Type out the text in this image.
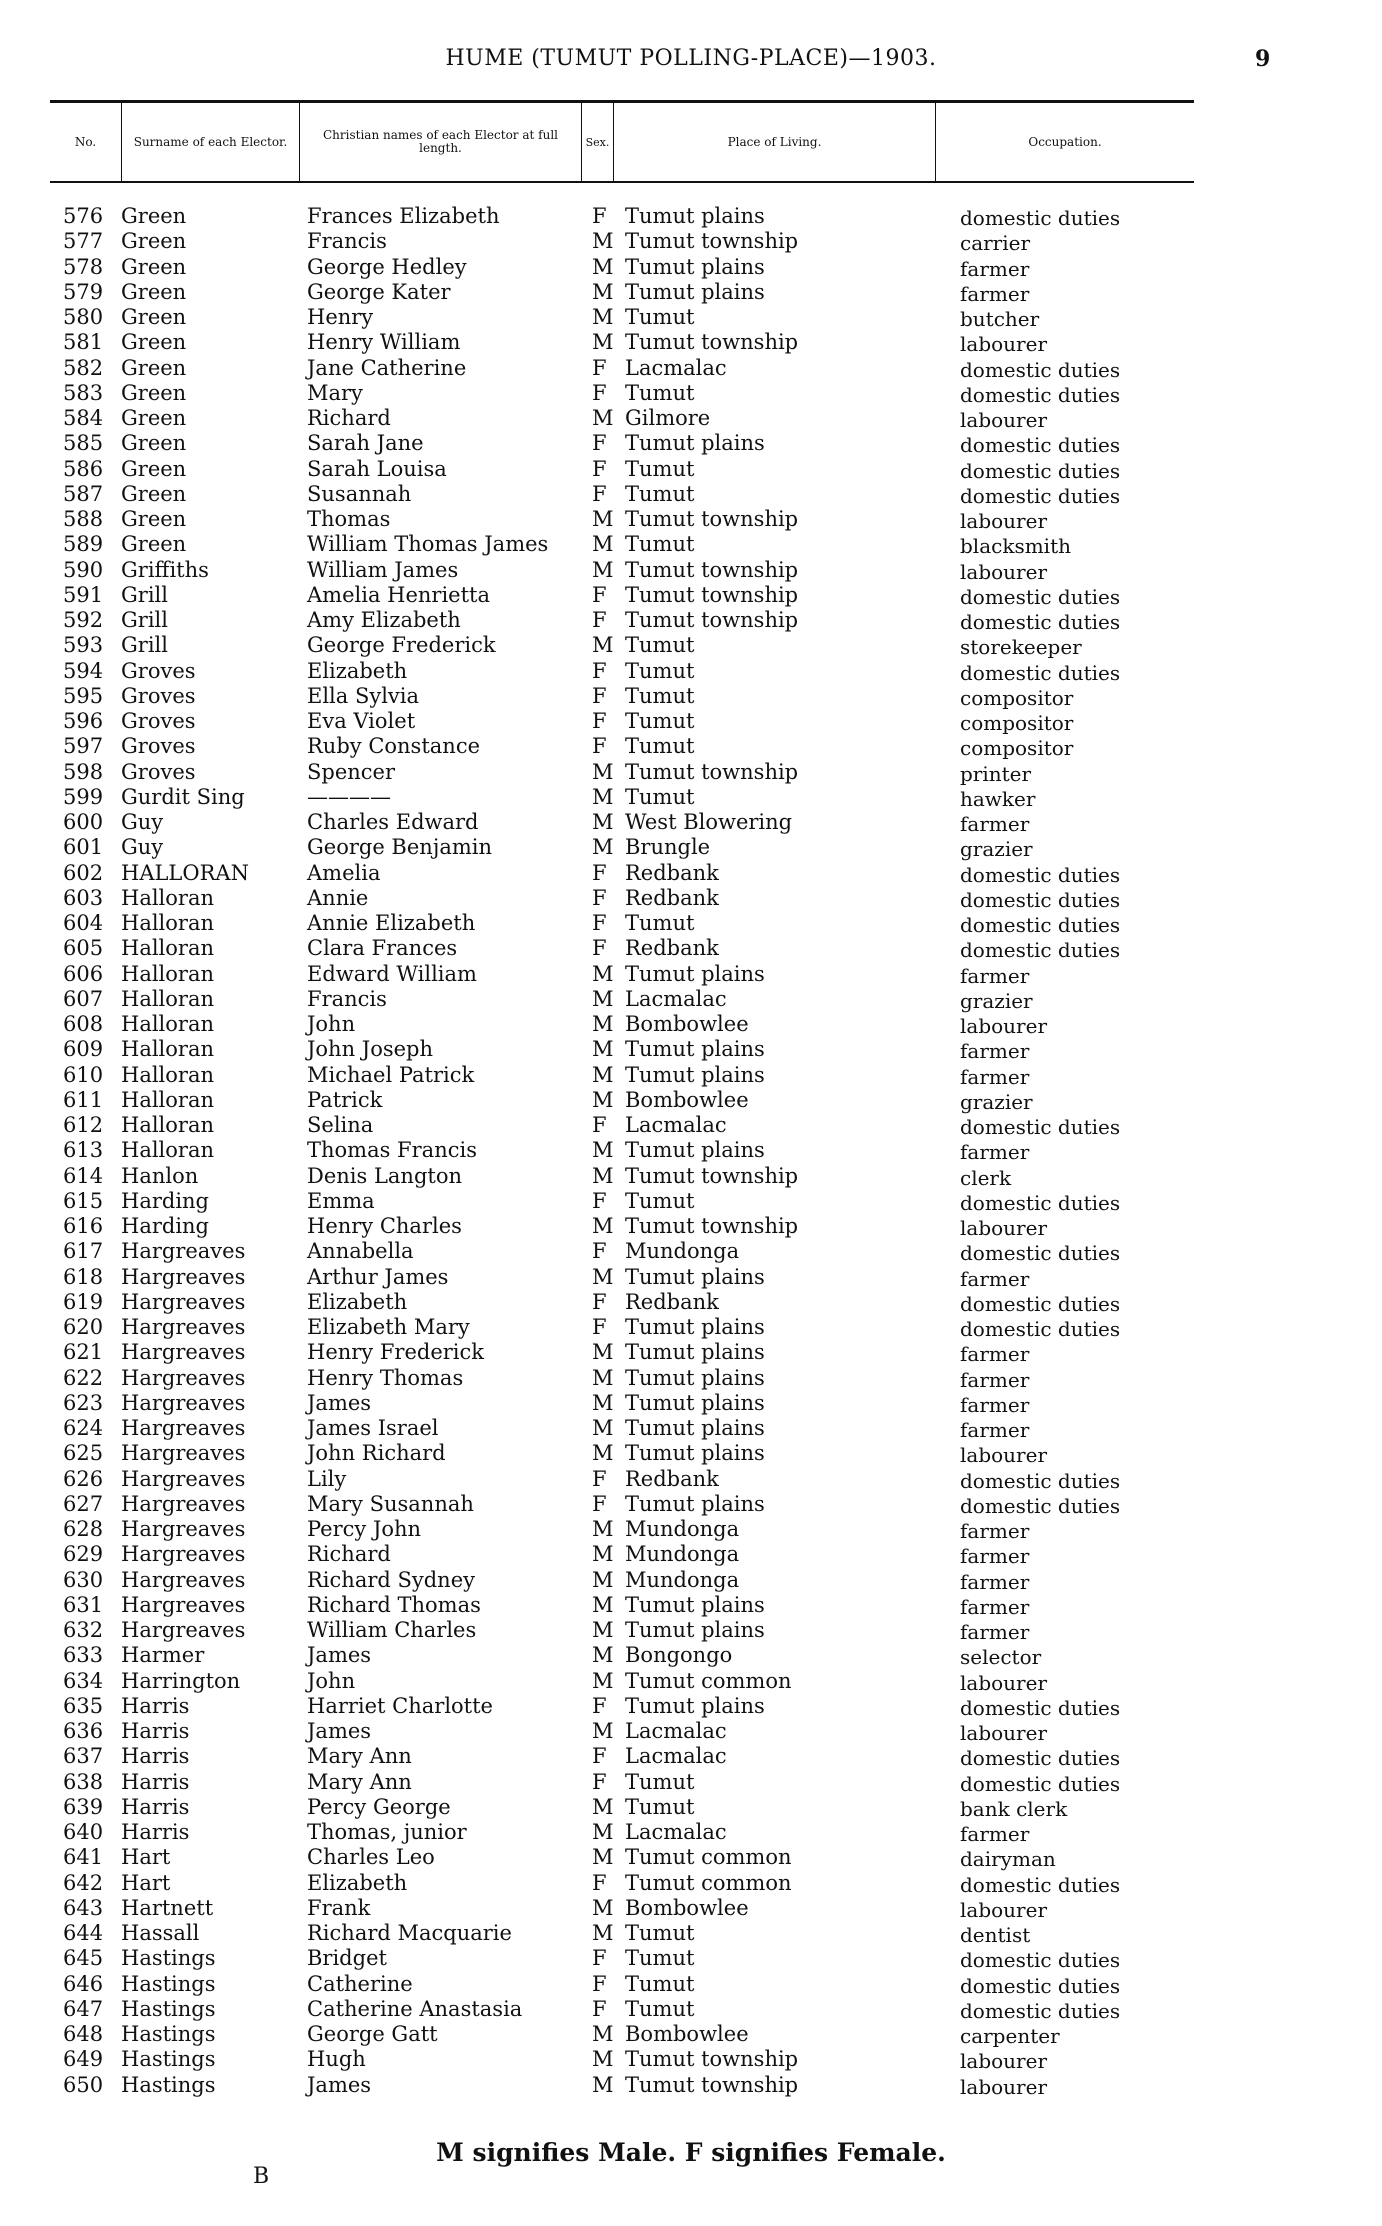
HUME (TUMUT POLLING-PLACE)—1903.	9
No.	Surname of each Elector.	Christian names of each Elector at full length.	Sex.	Place of Living.	Occupation.
576 Green	Frances Elizabeth	F Tumut plains	domestic duties
577 Green	Francis	M Tumut township	carrier
578 Green	George Hedley	M Tumut plains	farmer
579 Green	George Kater	M Tumut plains	farmer
580 Green	Henry	M Tumut	butcher
581 Green	Henry William	M Tumut township	labourer
582 Green	Jane Catherine	F Lacmalac	domestic duties
583 Green	Mary	F Tumut	domestic duties
584 Green	Richard	M Gilmore	labourer
585 Green	Sarah Jane	F Tumut plains	domestic duties
586 Green	Sarah Louisa	F Tumut	domestic duties
587 Green	Susannah	F Tumut	domestic duties
588 Green	Thomas	M Tumut township	labourer
589 Green	William Thomas James M Tumut	blacksmith
590 Griffiths	William James	M Tumut township	labourer
591 Grill	Amelia Henrietta	F Tumut township	domestic duties
592 Grill	Amy Elizabeth	F Tumut township	domestic duties
593 Grill	George Frederick	M Tumut	storekeeper
594 Groves	Elizabeth	F Tumut	domestic duties
595 Groves	Ella Sylvia	F Tumut	compositor
596 Groves	Eva Violet	F Tumut	compositor
597 Groves	Ruby Constance	F Tumut	compositor
598 Groves	Spencer	M Tumut township	printer
599 Gurdit Sing	————	M Tumut	hawker
600 Guy	Charles Edward	M West Blowering	farmer
601 Guy	George Benjamin	M Brungle	grazier
602 HALLORAN	Amelia	F Redbank	domestic duties
603 Halloran	Annie	F Redbank	domestic duties
604 Halloran	Annie Elizabeth	F Tumut	domestic duties
605 Halloran	Clara Frances	F Redbank	domestic duties
606 Halloran	Edward William	M Tumut plains	farmer
607 Halloran	Francis	M Lacmalac	grazier
608 Halloran	John	M Bombowlee	labourer
609 Halloran	John Joseph	M Tumut plains	farmer
610 Halloran	Michael Patrick	M Tumut plains	farmer
611 Halloran	Patrick	M Bombowlee	grazier
612 Halloran	Selina	F Lacmalac	domestic duties
613 Halloran	Thomas Francis	M Tumut plains	farmer
614 Hanlon	Denis Langton	M Tumut township	clerk
615 Harding	Emma	F Tumut	domestic duties
616 Harding	Henry Charles	M Tumut township	labourer
617 Hargreaves	Annabella	F Mundonga	domestic duties
618 Hargreaves	Arthur James	M Tumut plains	farmer
619 Hargreaves	Elizabeth	F Redbank	domestic duties
620 Hargreaves	Elizabeth Mary	F Tumut plains	domestic duties
621 Hargreaves	Henry Frederick	M Tumut plains	farmer
622 Hargreaves	Henry Thomas	M Tumut plains	farmer
623 Hargreaves	James	M Tumut plains	farmer
624 Hargreaves	James Israel	M Tumut plains	farmer
625 Hargreaves	John Richard	M Tumut plains	labourer
626 Hargreaves	Lily	F Redbank	domestic duties
627 Hargreaves	Mary Susannah	F Tumut plains	domestic duties
628 Hargreaves	Percy John	M Mundonga	farmer
629 Hargreaves	Richard	M Mundonga	farmer
630 Hargreaves	Richard Sydney	M Mundonga	farmer
631 Hargreaves	Richard Thomas	M Tumut plains	farmer
632 Hargreaves	William Charles	M Tumut plains	farmer
633 Harmer	James	M Bongongo	selector
634 Harrington	John	M Tumut common	labourer
635 Harris	Harriet Charlotte	F Tumut plains	domestic duties
636 Harris	James	M Lacmalac	labourer
637 Harris	Mary Ann	F Lacmalac	domestic duties
638 Harris	Mary Ann	F Tumut	domestic duties
639 Harris	Percy George	M Tumut	bank clerk
640 Harris	Thomas, junior	M Lacmalac	farmer
641 Hart	Charles Leo	M Tumut common	dairyman
642 Hart	Elizabeth	F Tumut common	domestic duties
643 Hartnett	Frank	M Bombowlee	labourer
644 Hassall	Richard Macquarie	M Tumut	dentist
645 Hastings	Bridget	F Tumut	domestic duties
646 Hastings	Catherine	F Tumut	domestic duties
647 Hastings	Catherine Anastasia	F Tumut	domestic duties
648 Hastings	George Gatt	M Bombowlee	carpenter
649 Hastings	Hugh	M Tumut township	labourer
650 Hastings	James	M Tumut township	labourer
M signifies Male. F signifies Female.
B
